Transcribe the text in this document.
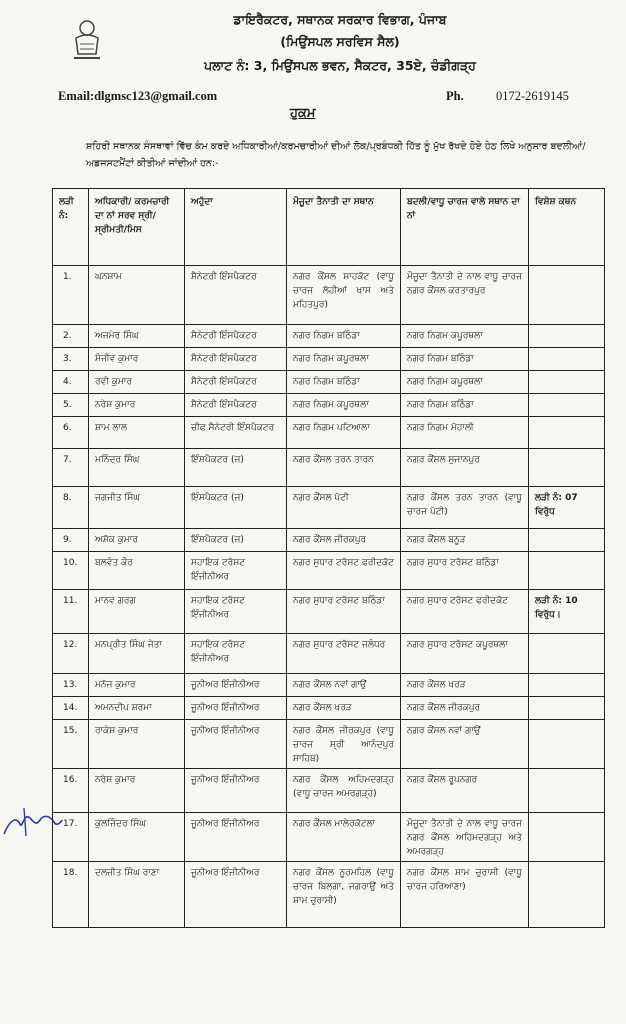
ਡਾਇਰੈਕਟਰ, ਸਥਾਨਕ ਸਰਕਾਰ ਵਿਭਾਗ, ਪੰਜਾਬ
(ਮਿਉਂਸਪਲ ਸਰਵਿਸ ਸੈਲ)
ਪਲਾਟ ਨੰ: 3, ਮਿਉਂਸਪਲ ਭਵਨ, ਸੈਕਟਰ, 35ਏ, ਚੰਡੀਗੜ੍ਹ
Email:dlgmsc123@gmail.com	Ph.	0172-2619145
ਹੁਕਮ
ਸ਼ਹਿਰੀ ਸਥਾਨਕ ਸੰਸਥਾਵਾਂ ਵਿੱਚ ਕੰਮ ਕਰਦੇ ਅਧਿਕਾਰੀਆਂ/ਕਰਮਚਾਰੀਆਂ ਦੀਆਂ ਲੋਕ/ਪ੍ਰਬੰਧਕੀ ਹਿੱਤ ਨੂੰ ਮੁੱਖ ਰੱਖਦੇ ਹੋਏ ਹੇਠ ਲਿਖੇ ਅਨੁਸਾਰ ਬਦਲੀਆਂ/ਅਡਜਸਟਮੈਂਟਾਂ ਕੀਤੀਆਂ ਜਾਂਦੀਆਂ ਹਨ:-
ਲੜੀ ਨੰ:	ਅਧਿਕਾਰੀ/ ਕਰਮਚਾਰੀ ਦਾ ਨਾਂ ਸਰਵ ਸ੍ਰੀ/ਸ੍ਰੀਮਤੀ/ਮਿਸ	ਅਹੁੱਦਾ	ਮੌਜੂਦਾ ਤੈਨਾਤੀ ਦਾ ਸਥਾਨ	ਬਦਲੀ/ਵਾਧੂ ਚਾਰਜ ਵਾਲੇ ਸਥਾਨ ਦਾ ਨਾਂ	ਵਿਸ਼ੇਸ਼ ਕਥਨ
1.	ਘਨਸ਼ਾਮ	ਸੈਨੇਟਰੀ ਇੰਸਪੈਕਟਰ	ਨਗਰ ਕੌਂਸਲ ਸ਼ਾਹਕੋਟ (ਵਾਧੂ ਚਾਰਜ ਲੋਹੀਆਂ ਖਾਸ ਅਤੇ ਮਹਿਤਪੁਰ)	ਮੌਜੂਦਾ ਤੈਨਾਤੀ ਦੇ ਨਾਲ ਵਾਧੂ ਚਾਰਜ ਨਗਰ ਕੌਂਸਲ ਕਰਤਾਰਪੁਰ	
2.	ਅਜਮੇਰ ਸਿੰਘ	ਸੈਨੇਟਰੀ ਇੰਸਪੈਕਟਰ	ਨਗਰ ਨਿਗਮ ਬਠਿੰਡਾ	ਨਗਰ ਨਿਗਮ ਕਪੂਰਥਲਾ	
3.	ਸੰਜੀਵ ਕੁਮਾਰ	ਸੈਨੇਟਰੀ ਇੰਸਪੈਕਟਰ	ਨਗਰ ਨਿਗਮ ਕਪੂਰਥਲਾ	ਨਗਰ ਨਿਗਮ ਬਠਿੰਡਾ	
4.	ਰਵੀ ਕੁਮਾਰ	ਸੈਨੇਟਰੀ ਇੰਸਪੈਕਟਰ	ਨਗਰ ਨਿਗਮ ਬਠਿੰਡਾ	ਨਗਰ ਨਿਗਮ ਕਪੂਰਥਲਾ	
5.	ਨਰੇਸ਼ ਕੁਮਾਰ	ਸੈਨੇਟਰੀ ਇੰਸਪੈਕਟਰ	ਨਗਰ ਨਿਗਮ ਕਪੂਰਥਲਾ	ਨਗਰ ਨਿਗਮ ਬਠਿੰਡਾ	
6.	ਸ਼ਾਮ ਲਾਲ	ਚੀਫ ਸੈਨੇਟਰੀ ਇੰਸਪੈਕਟਰ	ਨਗਰ ਨਿਗਮ ਪਟਿਆਲਾ	ਨਗਰ ਨਿਗਮ ਮੋਹਾਲੀ	
7.	ਮਨਿੰਦਰ ਸਿੰਘ	ਇੰਸਪੈਕਟਰ (ਜ)	ਨਗਰ ਕੌਂਸਲ ਤਰਨ ਤਾਰਨ	ਨਗਰ ਕੌਂਸਲ ਸੁਜਾਨਪੁਰ	
8.	ਜਗਜੀਤ ਸਿੰਘ	ਇੰਸਪੈਕਟਰ (ਜ)	ਨਗਰ ਕੌਂਸਲ ਪੱਟੀ	ਨਗਰ ਕੌਂਸਲ ਤਰਨ ਤਾਰਨ (ਵਾਧੂ ਚਾਰਜ ਪੱਟੀ)	ਲੜੀ ਨੰ: 07 ਵਿਰੁੱਧ
9.	ਅਸ਼ੋਕ ਕੁਮਾਰ	ਇੰਸਪੈਕਟਰ (ਜ)	ਨਗਰ ਕੌਂਸਲ ਜੀਰਕਪੁਰ	ਨਗਰ ਕੌਂਸਲ ਬਨੂੜ	
10.	ਬਲਵੰਤ ਕੌਰ	ਸਹਾਇਕ ਟਰੱਸਟ ਇੰਜੀਨੀਅਰ	ਨਗਰ ਸੁਧਾਰ ਟਰੱਸਟ ਫਰੀਦਕੋਟ	ਨਗਰ ਸੁਧਾਰ ਟਰੱਸਟ ਬਠਿੰਡਾ	
11.	ਮਾਨਵ ਗਰਗ	ਸਹਾਇਕ ਟਰੱਸਟ ਇੰਜੀਨੀਅਰ	ਨਗਰ ਸੁਧਾਰ ਟਰੱਸਟ ਬਠਿੰਡਾ	ਨਗਰ ਸੁਧਾਰ ਟਰੱਸਟ ਫਰੀਦਕੋਟ	ਲੜੀ ਨੰ: 10 ਵਿਰੁੱਧ।
12.	ਮਨਪ੍ਰੀਤ ਸਿੰਘ ਜੇਤਾ	ਸਹਾਇਕ ਟਰੱਸਟ ਇੰਜੀਨੀਅਰ	ਨਗਰ ਸੁਧਾਰ ਟਰੱਸਟ ਜਲੰਧਰ	ਨਗਰ ਸੁਧਾਰ ਟਰੱਸਟ ਕਪੂਰਥਲਾ	
13.	ਮਨੋਜ ਕੁਮਾਰ	ਜੂਨੀਅਰ ਇੰਜੀਨੀਅਰ	ਨਗਰ ਕੌਂਸਲ ਨਵਾਂ ਗਾਉਂ	ਨਗਰ ਕੌਂਸਲ ਖਰੜ	
14.	ਅਮਨਦੀਪ ਸ਼ਰਮਾ	ਜੂਨੀਅਰ ਇੰਜੀਨੀਅਰ	ਨਗਰ ਕੌਂਸਲ ਖਰੜ	ਨਗਰ ਕੌਂਸਲ ਜੀਰਕਪੁਰ	
15.	ਰਾਕੇਸ਼ ਕੁਮਾਰ	ਜੂਨੀਅਰ ਇੰਜੀਨੀਅਰ	ਨਗਰ ਕੌਂਸਲ ਜੀਰਕਪੁਰ (ਵਾਧੂ ਚਾਰਜ ਸ੍ਰੀ ਆਨੰਦਪੁਰ ਸਾਹਿਬ)	ਨਗਰ ਕੌਂਸਲ ਨਵਾਂ ਗਾਉਂ	
16.	ਨਰੇਸ਼ ਕੁਮਾਰ	ਜੂਨੀਅਰ ਇੰਜੀਨੀਅਰ	ਨਗਰ ਕੌਂਸਲ ਅਹਿਮਦਗੜ੍ਹ (ਵਾਧੂ ਚਾਰਜ ਅਮਰਗੜ੍ਹ)	ਨਗਰ ਕੌਂਸਲ ਰੂਪਨਗਰ	
17.	ਕੁਲਜਿੰਦਰ ਸਿੰਘ	ਜੂਨੀਅਰ ਇੰਜੀਨੀਅਰ	ਨਗਰ ਕੌਂਸਲ ਮਾਲੇਰਕੋਟਲਾ	ਮੌਜੂਦਾ ਤੈਨਾਤੀ ਦੇ ਨਾਲ ਵਾਧੂ ਚਾਰਜ ਨਗਰ ਕੌਂਸਲ ਅਹਿਮਦਗੜ੍ਹ ਅਤੇ ਅਮਰਗੜ੍ਹ	
18.	ਦਲਜੀਤ ਸਿੰਘ ਰਾਣਾ	ਜੂਨੀਅਰ ਇੰਜੀਨੀਅਰ	ਨਗਰ ਕੌਂਸਲ ਨੂਰਮਹਿਲ (ਵਾਧੂ ਚਾਰਜ ਬਿਲਗਾ, ਜਗਰਾਉਂ ਅਤੇ ਸ਼ਾਮ ਚੁਰਾਸੀ)	ਨਗਰ ਕੌਂਸਲ ਸ਼ਾਮ ਚੁਰਾਸੀ (ਵਾਧੂ ਚਾਰਜ ਹਰਿਆਣਾ)	
